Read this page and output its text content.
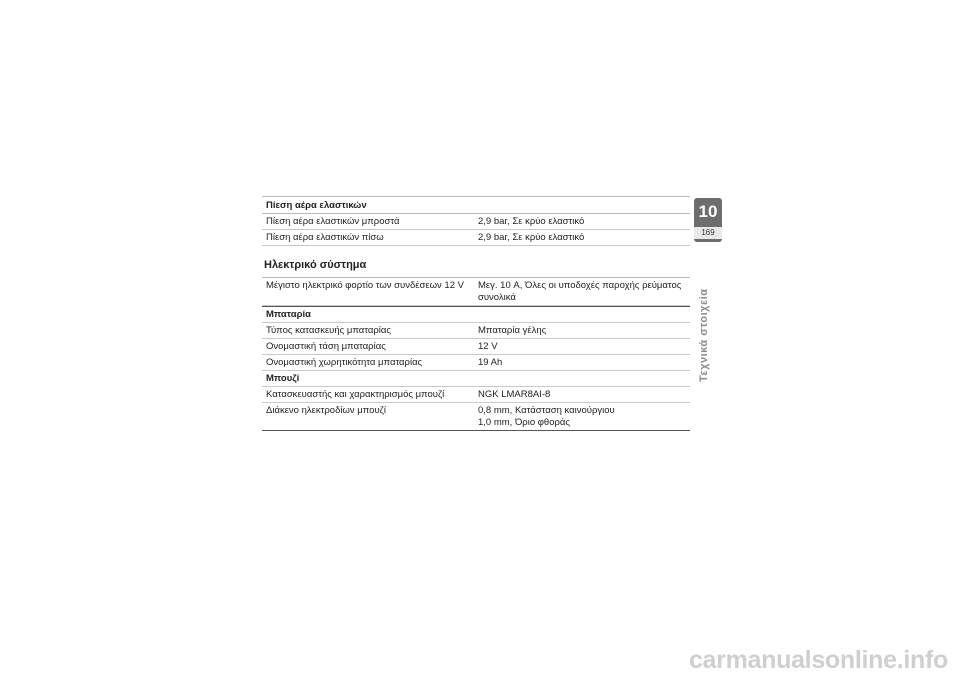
Πίεση αέρα ελαστικών
Πίεση αέρα ελαστικών μπροστά	2,9 bar, Σε κρύο ελαστικό
Πίεση αέρα ελαστικών πίσω	2,9 bar, Σε κρύο ελαστικό
Ηλεκτρικό σύστημα
Μέγιστο ηλεκτρικό φορτίο των συνδέσεων 12 V	Μεγ. 10 A, Όλες οι υποδοχές παροχής ρεύματος
συνολικά
Μπαταρία
Τύπος κατασκευής μπαταρίας	Μπαταρία γέλης
Ονομαστική τάση μπαταρίας	12 V
Ονομαστική χωρητικότητα μπαταρίας	19 Ah
Μπουζί
Κατασκευαστής και χαρακτηρισμός μπουζί	NGK LMAR8AI-8
Διάκενο ηλεκτροδίων μπουζί	0,8 mm, Κατάσταση καινούργιου
1,0 mm, Όριο φθοράς
10
169
Τεχνικά στοιχεία
carmanualsonline.info
